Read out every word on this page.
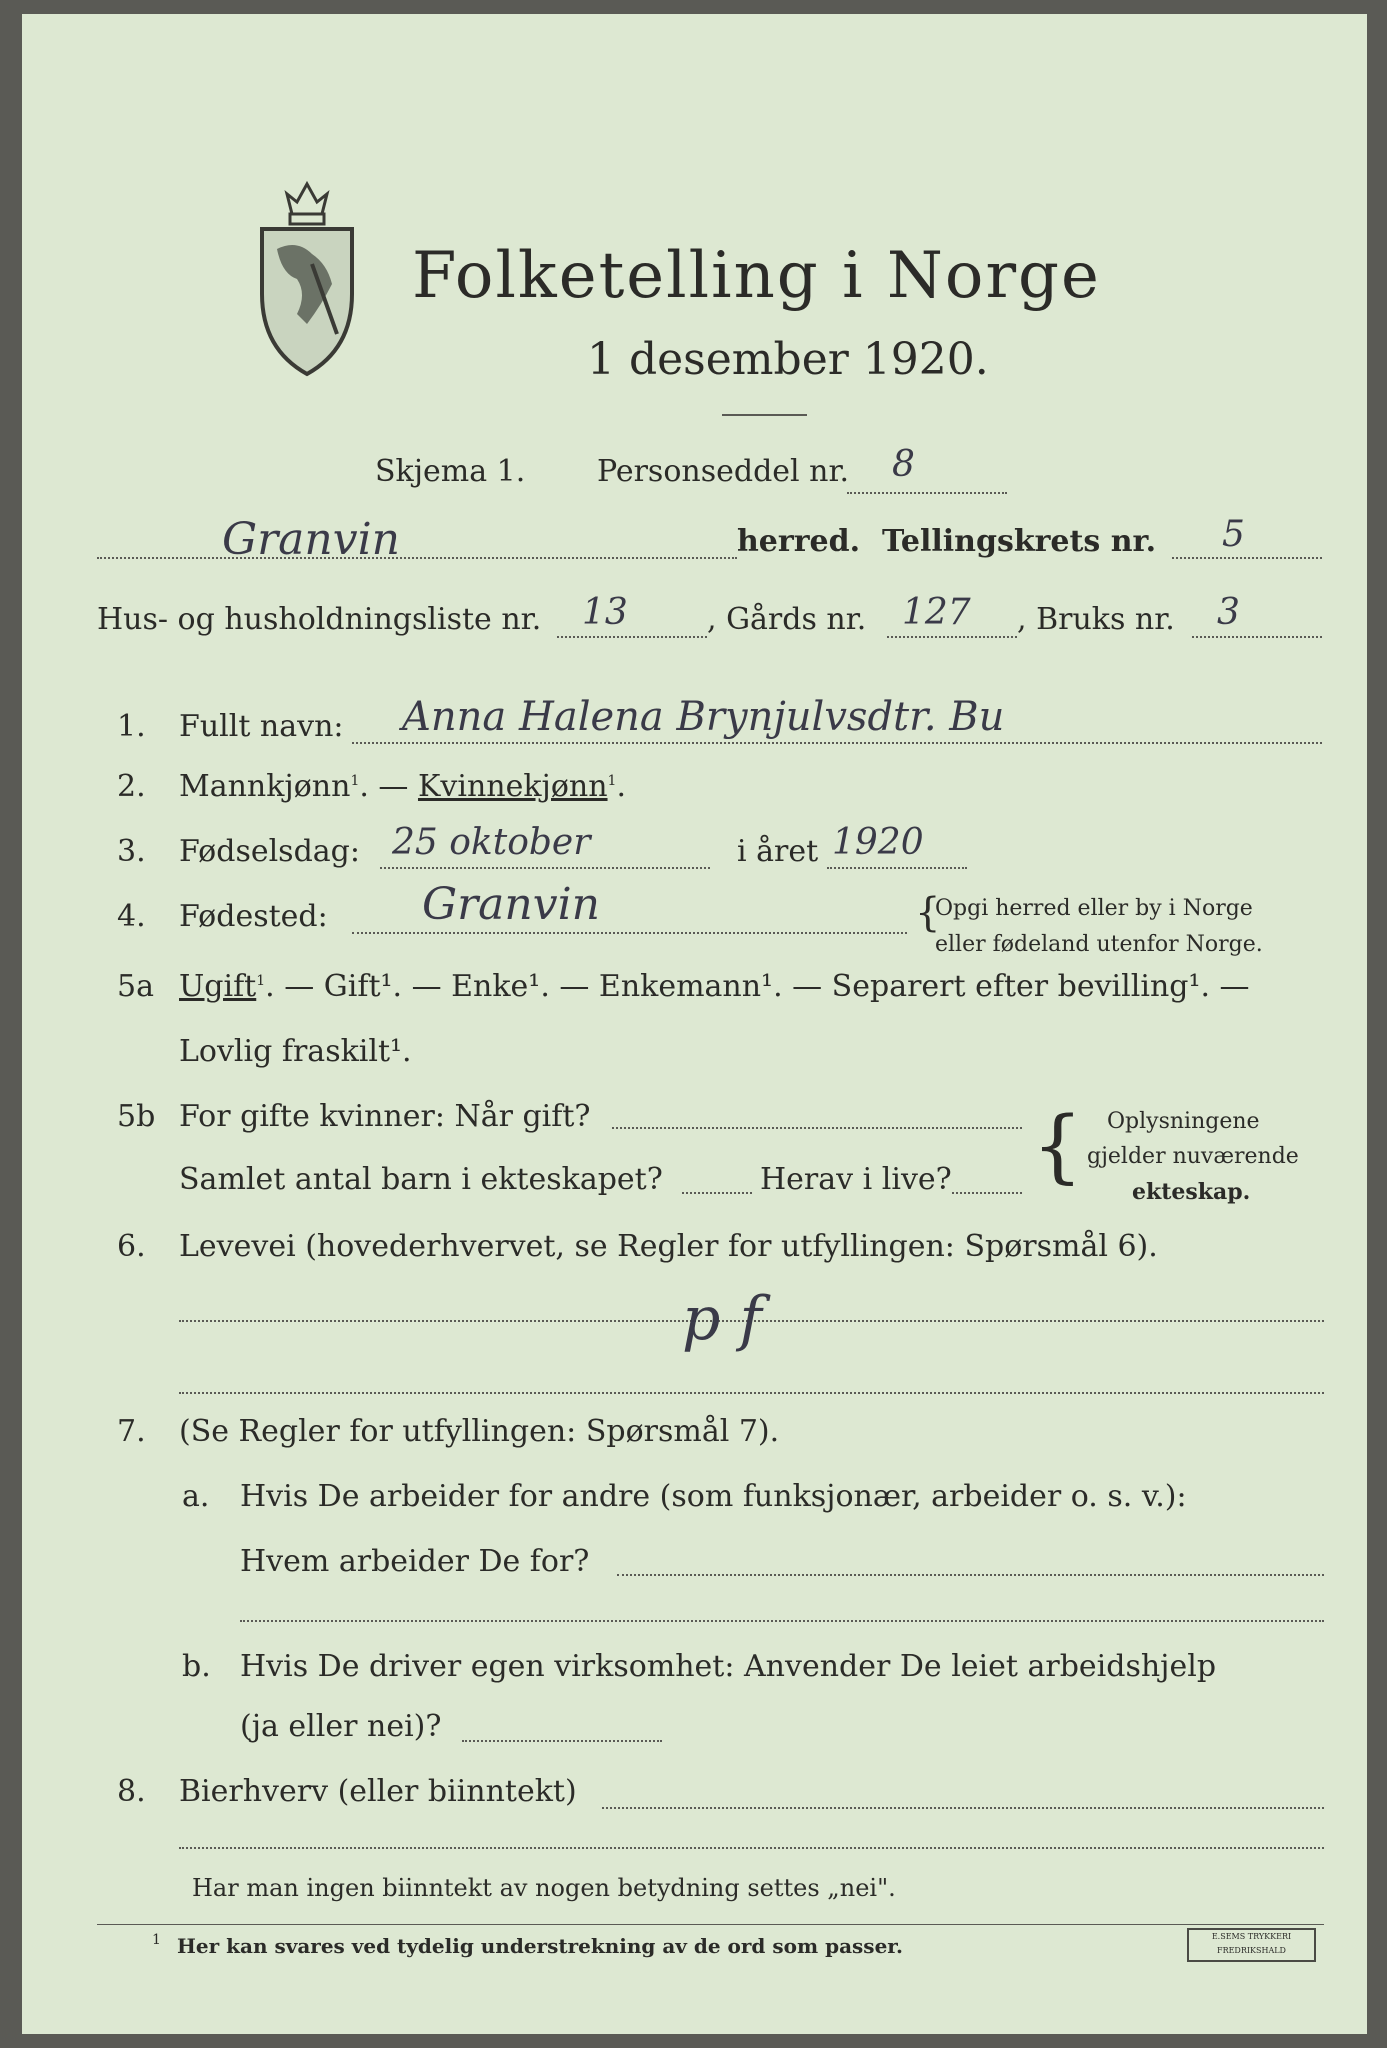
Folketelling i Norge
1 desember 1920.
Skjema 1. Personseddel nr. 8
Granvin	herred. Tellingskrets nr. 5
Hus- og husholdningsliste nr. 13	, Gårds nr. 127 , Bruks nr. 3
1. Fullt navn: Anna Halena Brynjulvsdtr. Bu
2. Mannkjønn$^1$. — Kvinnekjønn$^1$.
3. Fødselsdag: 25 oktober	i året 1920
4. Fødested: Granvin	{
Opgi herred eller by i Norge
eller fødeland utenfor Norge.
5a Ugift$^1$. — Gift¹. — Enke¹. — Enkemann¹. — Separert efter bevilling¹. —
Lovlig fraskilt¹.
5b For gifte kvinner: Når gift?
Samlet antal barn i ekteskapet?	Herav i live? { Oplysningene
gjelder nuværende
ekteskap.
6. Levevei (hovederhvervet, se Regler for utfyllingen: Spørsmål 6).
p f
7. (Se Regler for utfyllingen: Spørsmål 7).
a. Hvis De arbeider for andre (som funksjonær, arbeider o. s. v.):
Hvem arbeider De for?
b. Hvis De driver egen virksomhet: Anvender De leiet arbeidshjelp
(ja eller nei)?
8. Bierhverv (eller biinntekt)
Har man ingen biinntekt av nogen betydning settes „nei".
1 Her kan svares ved tydelig understrekning av de ord som passer.	E.SEMS TRYKKERI FREDRIKSHALD
